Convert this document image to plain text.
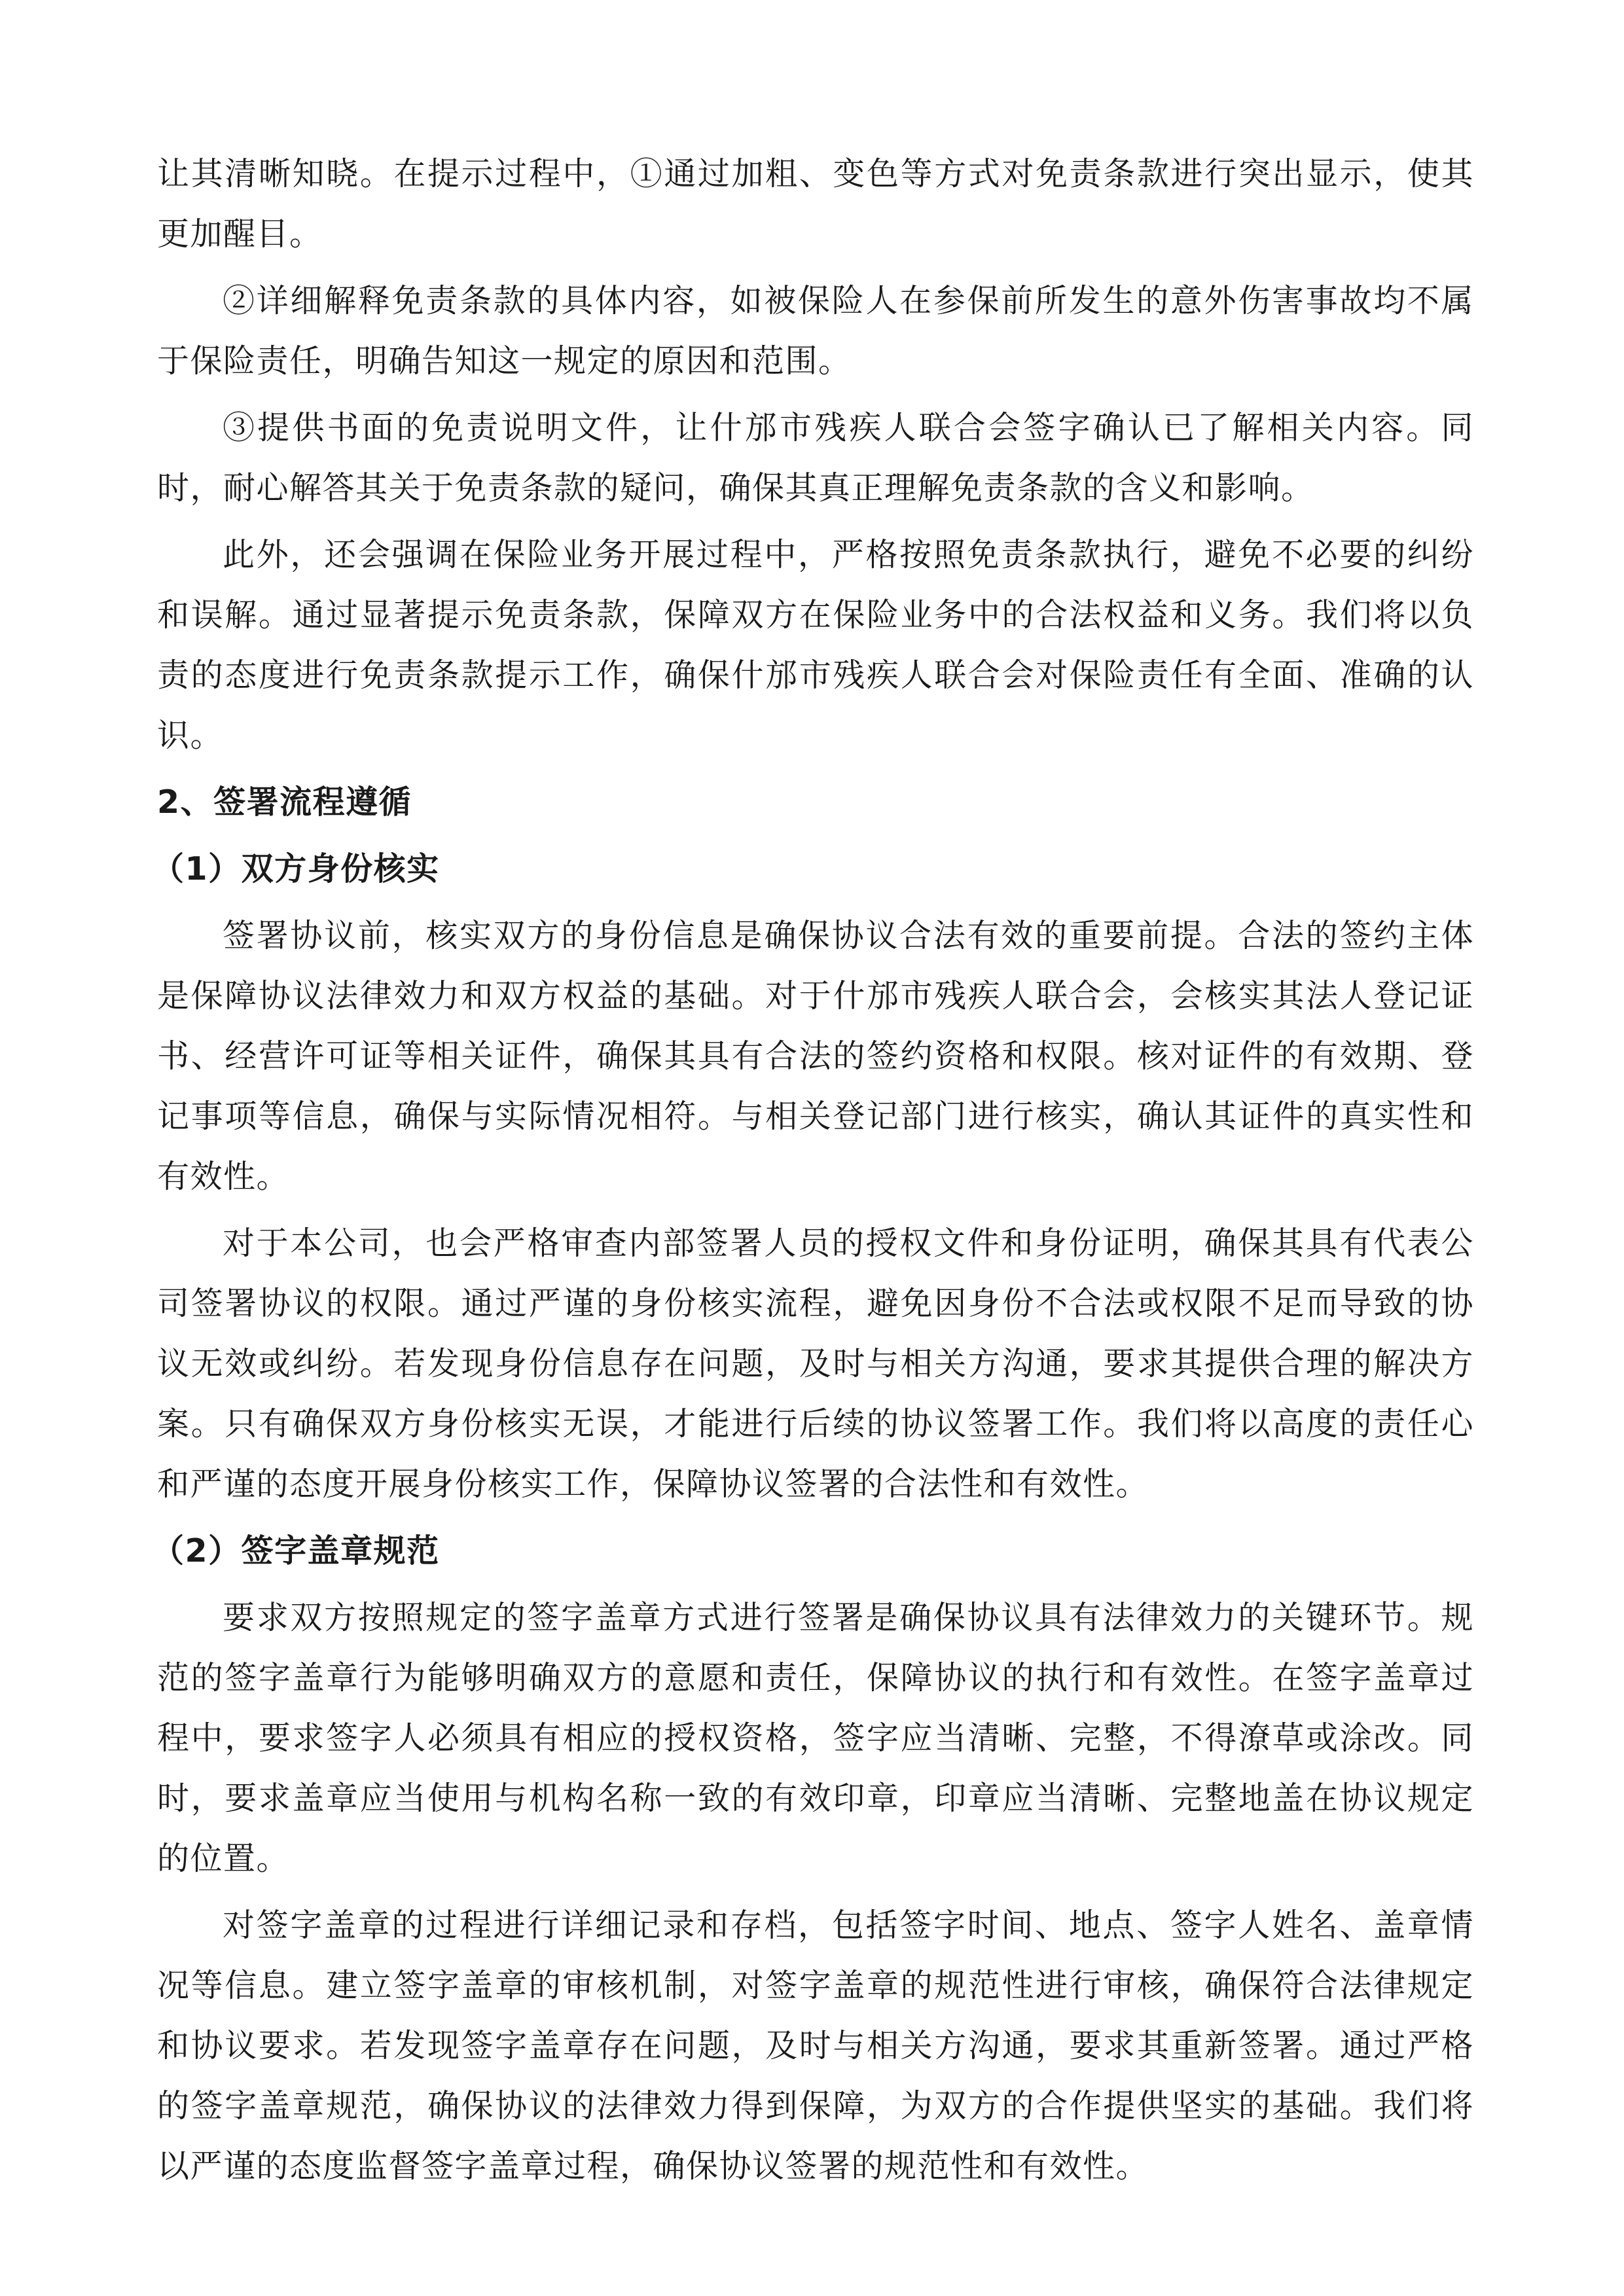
让其清晰知晓。在提示过程中，①通过加粗、变色等方式对免责条款进行突出显示，使其更加醒目。

②详细解释免责条款的具体内容，如被保险人在参保前所发生的意外伤害事故均不属于保险责任，明确告知这一规定的原因和范围。

③提供书面的免责说明文件，让什邡市残疾人联合会签字确认已了解相关内容。同时，耐心解答其关于免责条款的疑问，确保其真正理解免责条款的含义和影响。

此外，还会强调在保险业务开展过程中，严格按照免责条款执行，避免不必要的纠纷和误解。通过显著提示免责条款，保障双方在保险业务中的合法权益和义务。我们将以负责的态度进行免责条款提示工作，确保什邡市残疾人联合会对保险责任有全面、准确的认识。

2、签署流程遵循
（1）双方身份核实

签署协议前，核实双方的身份信息是确保协议合法有效的重要前提。合法的签约主体是保障协议法律效力和双方权益的基础。对于什邡市残疾人联合会，会核实其法人登记证书、经营许可证等相关证件，确保其具有合法的签约资格和权限。核对证件的有效期、登记事项等信息，确保与实际情况相符。与相关登记部门进行核实，确认其证件的真实性和有效性。

对于本公司，也会严格审查内部签署人员的授权文件和身份证明，确保其具有代表公司签署协议的权限。通过严谨的身份核实流程，避免因身份不合法或权限不足而导致的协议无效或纠纷。若发现身份信息存在问题，及时与相关方沟通，要求其提供合理的解决方案。只有确保双方身份核实无误，才能进行后续的协议签署工作。我们将以高度的责任心和严谨的态度开展身份核实工作，保障协议签署的合法性和有效性。

（2）签字盖章规范

要求双方按照规定的签字盖章方式进行签署是确保协议具有法律效力的关键环节。规范的签字盖章行为能够明确双方的意愿和责任，保障协议的执行和有效性。在签字盖章过程中，要求签字人必须具有相应的授权资格，签字应当清晰、完整，不得潦草或涂改。同时，要求盖章应当使用与机构名称一致的有效印章，印章应当清晰、完整地盖在协议规定的位置。

对签字盖章的过程进行详细记录和存档，包括签字时间、地点、签字人姓名、盖章情况等信息。建立签字盖章的审核机制，对签字盖章的规范性进行审核，确保符合法律规定和协议要求。若发现签字盖章存在问题，及时与相关方沟通，要求其重新签署。通过严格的签字盖章规范，确保协议的法律效力得到保障，为双方的合作提供坚实的基础。我们将以严谨的态度监督签字盖章过程，确保协议签署的规范性和有效性。
